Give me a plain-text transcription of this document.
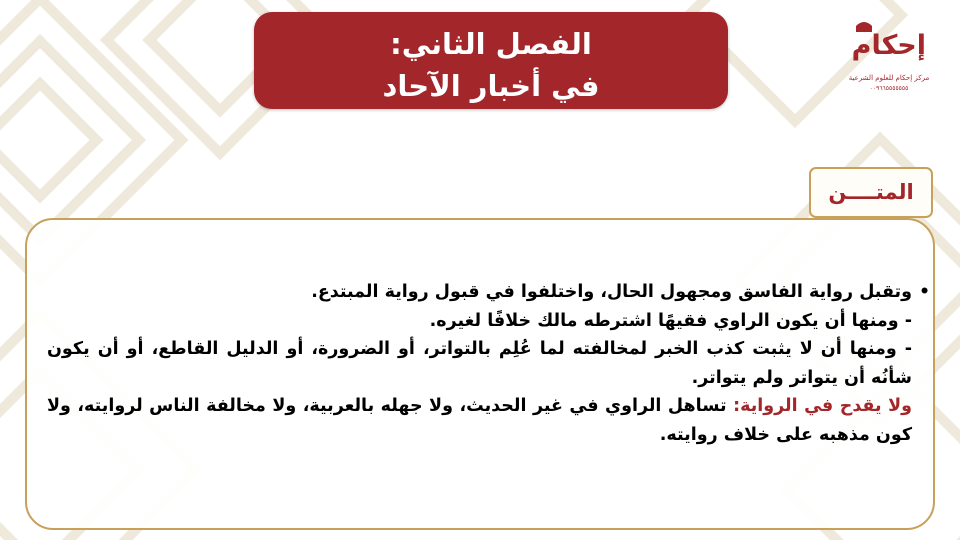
الفصل الثاني:
في أخبار الآحاد
إحكام
مركز إحكام للعلوم الشرعية
٠٠٩٦٦٥٥٥٥٥٥٥
المتــــن
•

وتقبل رواية الفاسق ومجهول الحال، واختلفوا في قبول رواية المبتدع.

- ومنها أن يكون الراوي فقيهًا اشترطه مالك خلافًا لغيره.

- ومنها أن لا يثبت كذب الخبر لمخالفته لما عُلِم بالتواتر، أو الضرورة، أو الدليل القاطع، أو أن يكون شأنُه أن يتواتر ولم يتواتر.

ولا يقدح في الرواية: تساهل الراوي في غير الحديث، ولا جهله بالعربية، ولا مخالفة الناس لروايته، ولا كون مذهبه على خلاف روايته.
